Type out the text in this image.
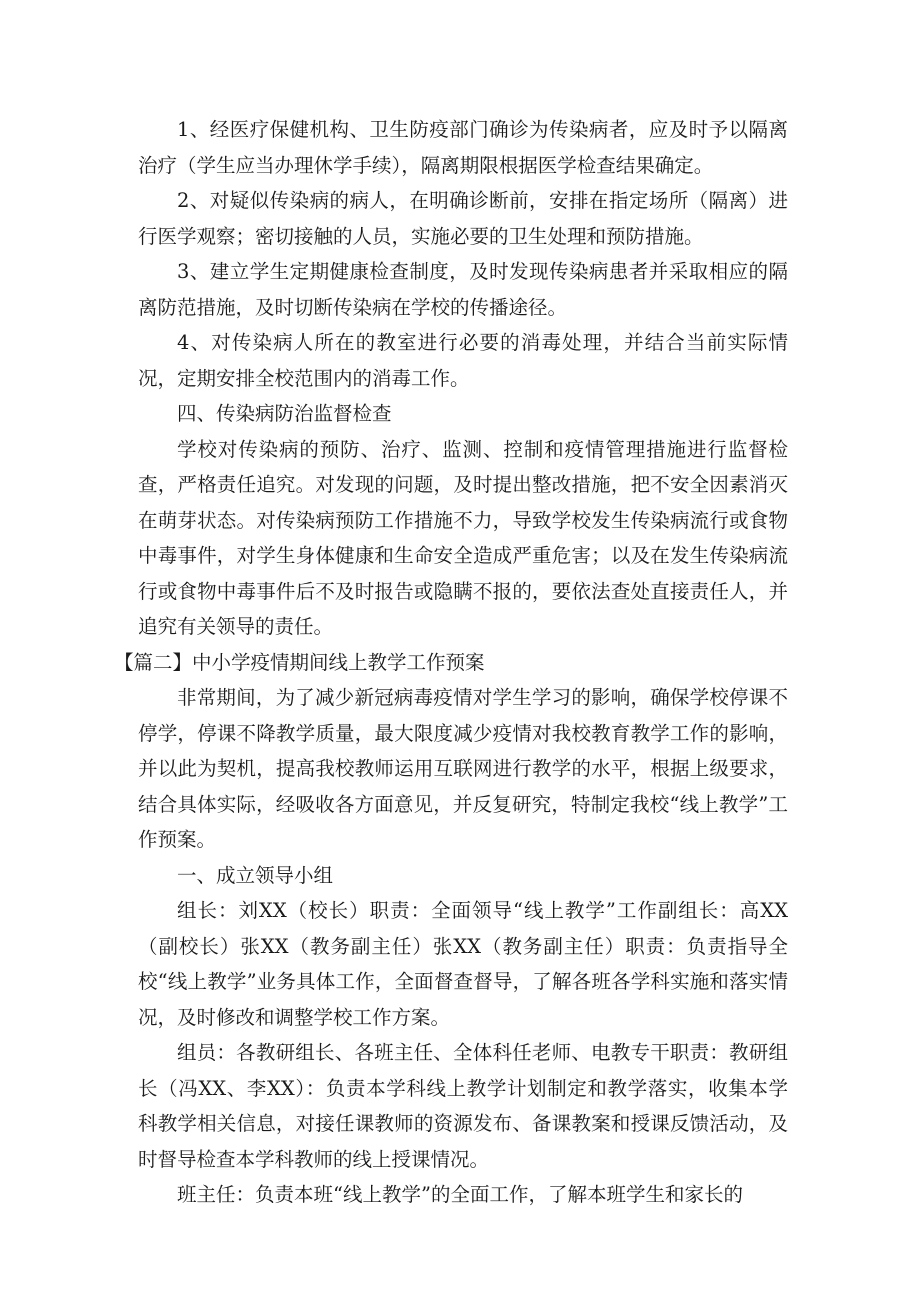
1、经医疗保健机构、卫生防疫部门确诊为传染病者，应及时予以隔离治疗（学生应当办理休学手续），隔离期限根据医学检查结果确定。

2、对疑似传染病的病人，在明确诊断前，安排在指定场所（隔离）进行医学观察；密切接触的人员，实施必要的卫生处理和预防措施。

3、建立学生定期健康检查制度，及时发现传染病患者并采取相应的隔离防范措施，及时切断传染病在学校的传播途径。

4、对传染病人所在的教室进行必要的消毒处理，并结合当前实际情况，定期安排全校范围内的消毒工作。

四、传染病防治监督检查

学校对传染病的预防、治疗、监测、控制和疫情管理措施进行监督检查，严格责任追究。对发现的问题，及时提出整改措施，把不安全因素消灭在萌芽状态。对传染病预防工作措施不力，导致学校发生传染病流行或食物中毒事件，对学生身体健康和生命安全造成严重危害；以及在发生传染病流行或食物中毒事件后不及时报告或隐瞒不报的，要依法查处直接责任人，并追究有关领导的责任。

【篇二】中小学疫情期间线上教学工作预案

非常期间，为了减少新冠病毒疫情对学生学习的影响，确保学校停课不停学，停课不降教学质量，最大限度减少疫情对我校教育教学工作的影响，并以此为契机，提高我校教师运用互联网进行教学的水平，根据上级要求，结合具体实际，经吸收各方面意见，并反复研究，特制定我校“线上教学”工作预案。

一、成立领导小组

组长：刘XX（校长）职责：全面领导“线上教学”工作副组长：高XX（副校长）张XX（教务副主任）张XX（教务副主任）职责：负责指导全校“线上教学”业务具体工作，全面督查督导，了解各班各学科实施和落实情况，及时修改和调整学校工作方案。

组员：各教研组长、各班主任、全体科任老师、电教专干职责：教研组长（冯XX、李XX）：负责本学科线上教学计划制定和教学落实，收集本学科教学相关信息，对接任课教师的资源发布、备课教案和授课反馈活动，及时督导检查本学科教师的线上授课情况。

班主任：负责本班“线上教学”的全面工作，了解本班学生和家长的
